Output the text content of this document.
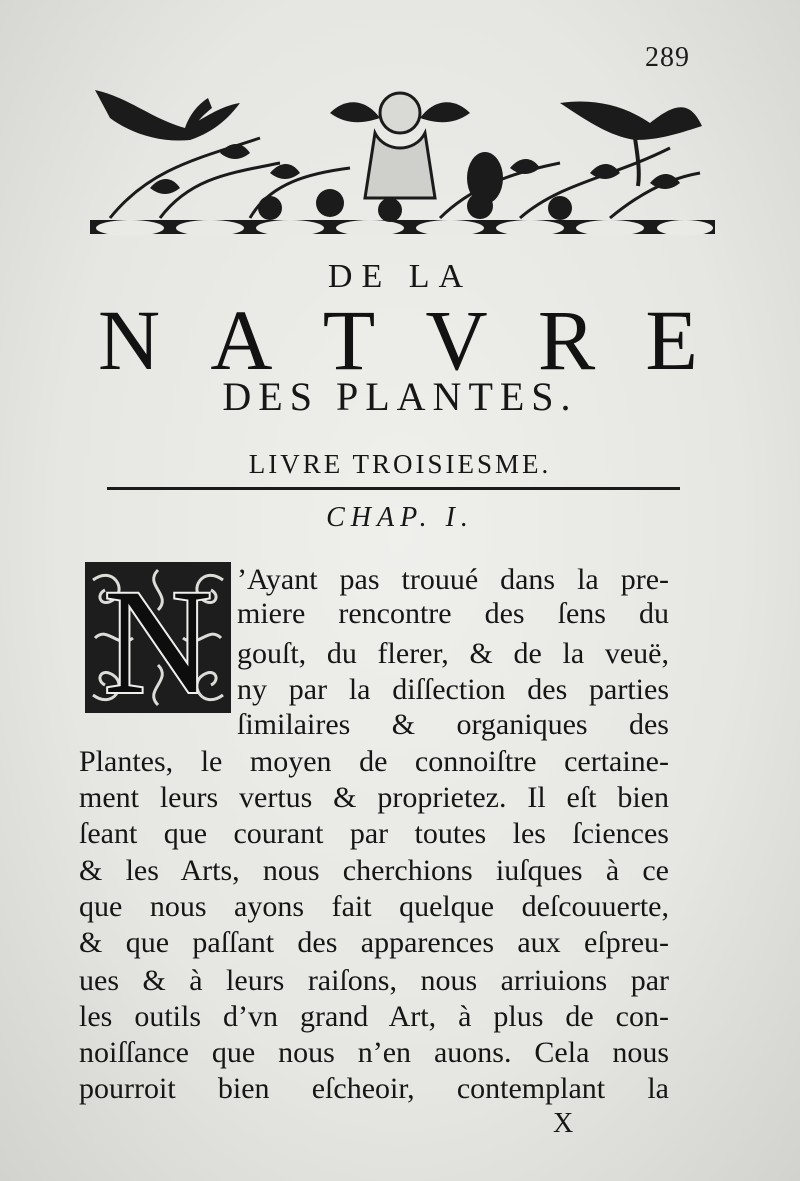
289
DE LA
N A T V R E
DES PLANTES.
LIVRE TROISIESME.
CHAP. I.
N ’Ayant pas trouué dans la pre-
miere rencontre des ſens du
gouſt, du flerer, & de la veuë,
ny par la diſſection des parties
ſimilaires & organiques des
Plantes, le moyen de connoiſtre certaine-
ment leurs vertus & proprietez. Il eſt bien
ſeant que courant par toutes les ſciences
& les Arts, nous cherchions iuſques à ce
que nous ayons fait quelque deſcouuerte,
& que paſſant des apparences aux eſpreu-
ues & à leurs raiſons, nous arriuions par
les outils d’vn grand Art, à plus de con-
noiſſance que nous n’en auons. Cela nous
pourroit bien eſcheoir, contemplant la
X
